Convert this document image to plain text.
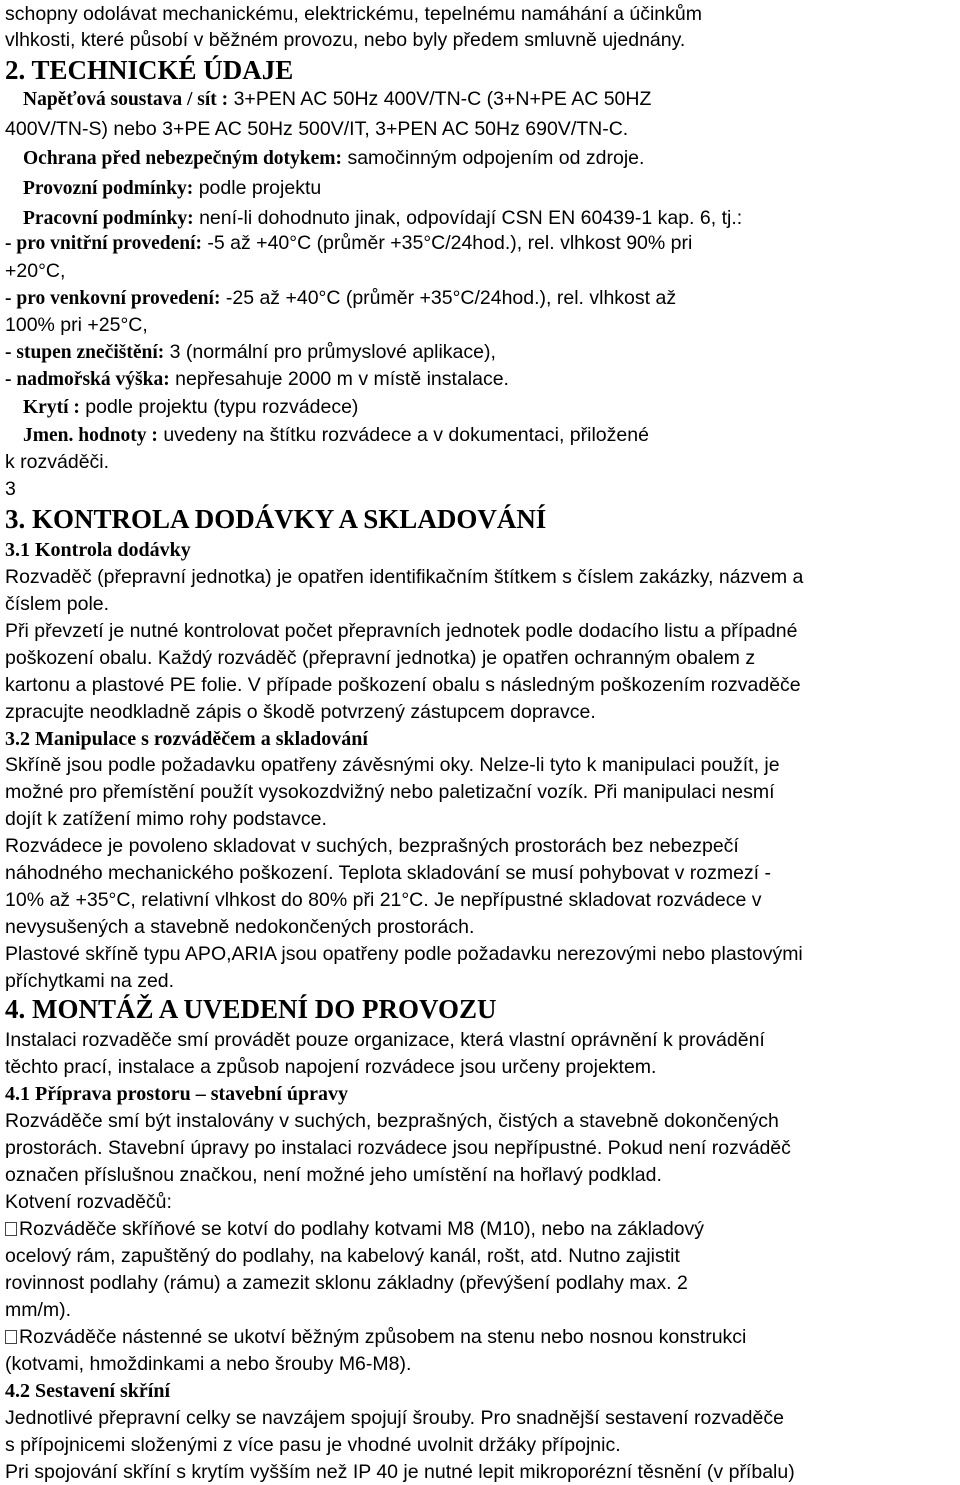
schopny odolávat mechanickému, elektrickému, tepelnému namáhání a účinkům
vlhkosti, které působí v běžném provozu, nebo byly předem smluvně ujednány.
2. TECHNICKÉ ÚDAJE
Napěťová soustava / sít : 3+PEN AC 50Hz 400V/TN-C (3+N+PE AC 50HZ
400V/TN-S) nebo 3+PE AC 50Hz 500V/IT, 3+PEN AC 50Hz 690V/TN-C.
Ochrana před nebezpečným dotykem: samočinným odpojením od zdroje.
Provozní podmínky: podle projektu
Pracovní podmínky: není-li dohodnuto jinak, odpovídají CSN EN 60439-1 kap. 6, tj.:
- pro vnitřní provedení: -5 až +40°C (průměr +35°C/24hod.), rel. vlhkost 90% pri
+20°C,
- pro venkovní provedení: -25 až +40°C (průměr +35°C/24hod.), rel. vlhkost až
100% pri +25°C,
- stupen znečištění: 3 (normální pro průmyslové aplikace),
- nadmořská výška: nepřesahuje 2000 m v místě instalace.
Krytí : podle projektu (typu rozvádece)
Jmen. hodnoty : uvedeny na štítku rozvádece a v dokumentaci, přiložené
k rozváděči.
3
3. KONTROLA DODÁVKY A SKLADOVÁNÍ
3.1 Kontrola dodávky
Rozvaděč (přepravní jednotka) je opatřen identifikačním štítkem s číslem zakázky, názvem a
číslem pole.
Při převzetí je nutné kontrolovat počet přepravních jednotek podle dodacího listu a případné
poškození obalu. Každý rozváděč (přepravní jednotka) je opatřen ochranným obalem z
kartonu a plastové PE folie. V případe poškození obalu s následným poškozením rozvaděče
zpracujte neodkladně zápis o škodě potvrzený zástupcem dopravce.
3.2 Manipulace s rozváděčem a skladování
Skříně jsou podle požadavku opatřeny závěsnými oky. Nelze-li tyto k manipulaci použít, je
možné pro přemístění použít vysokozdvižný nebo paletizační vozík. Při manipulaci nesmí
dojít k zatížení mimo rohy podstavce.
Rozvádece je povoleno skladovat v suchých, bezprašných prostorách bez nebezpečí
náhodného mechanického poškození. Teplota skladování se musí pohybovat v rozmezí -
10% až +35°C, relativní vlhkost do 80% při 21°C. Je nepřípustné skladovat rozvádece v
nevysušených a stavebně nedokončených prostorách.
Plastové skříně typu APO,ARIA jsou opatřeny podle požadavku nerezovými nebo plastovými
příchytkami na zed.
4. MONTÁŽ A UVEDENÍ DO PROVOZU
Instalaci rozvaděče smí provádět pouze organizace, která vlastní oprávnění k provádění
těchto prací, instalace a způsob napojení rozvádece jsou určeny projektem.
4.1 Příprava prostoru – stavební úpravy
Rozváděče smí být instalovány v suchých, bezprašných, čistých a stavebně dokončených
prostorách. Stavební úpravy po instalaci rozvádece jsou nepřípustné. Pokud není rozváděč
označen příslušnou značkou, není možné jeho umístění na hořlavý podklad.
Kotvení rozvaděčů:
Rozváděče skříňové se kotví do podlahy kotvami M8 (M10), nebo na základový
ocelový rám, zapuštěný do podlahy, na kabelový kanál, rošt, atd. Nutno zajistit
rovinnost podlahy (rámu) a zamezit sklonu základny (převýšení podlahy max. 2
mm/m).
Rozváděče nástenné se ukotví běžným způsobem na stenu nebo nosnou konstrukci
(kotvami, hmoždinkami a nebo šrouby M6-M8).
4.2 Sestavení skříní
Jednotlivé přepravní celky se navzájem spojují šrouby. Pro snadnější sestavení rozvaděče
s přípojnicemi složenými z více pasu je vhodné uvolnit držáky přípojnic.
Pri spojování skříní s krytím vyšším než IP 40 je nutné lepit mikroporézní těsnění (v příbalu)
